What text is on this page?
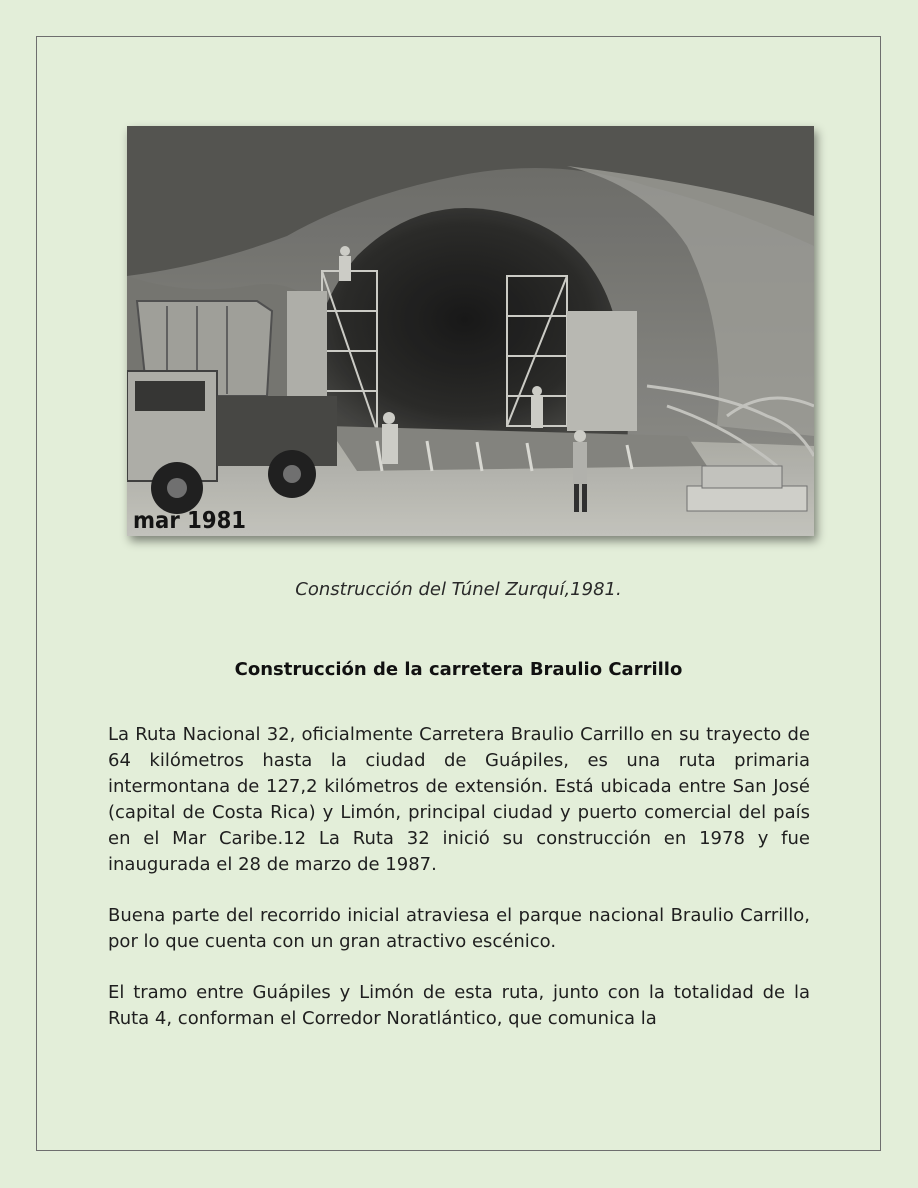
mar 1981
Construcción del Túnel Zurquí,1981.
Construcción de la carretera Braulio Carrillo

La Ruta Nacional 32, oficialmente Carretera Braulio Carrillo en su trayecto de 64 kilómetros hasta la ciudad de Guápiles, es una ruta primaria intermontana de 127,2 kilómetros de extensión. Está ubicada entre San José (capital de Costa Rica) y Limón, principal ciudad y puerto comercial del país en el Mar Caribe.12 La Ruta 32 inició su construcción en 1978 y fue inaugurada el 28 de marzo de 1987.

Buena parte del recorrido inicial atraviesa el parque nacional Braulio Carrillo, por lo que cuenta con un gran atractivo escénico.

El tramo entre Guápiles y Limón de esta ruta, junto con la totalidad de la Ruta 4, conforman el Corredor Noratlántico, que comunica la
